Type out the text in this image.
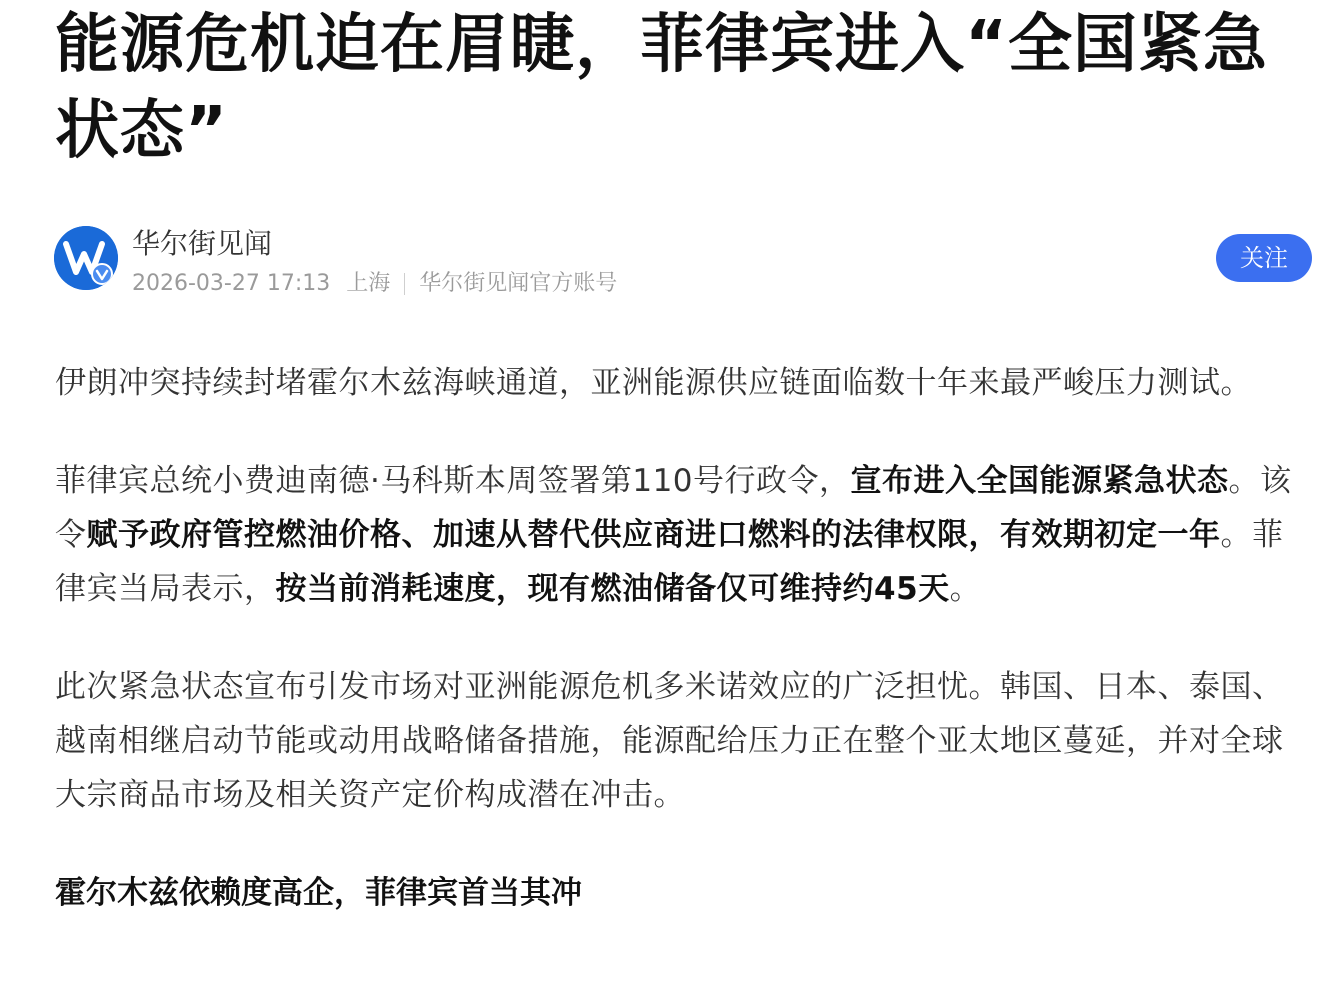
能源危机迫在眉睫，菲律宾进入“全国紧急状态”
华尔街见闻
2026-03-27 17:13 上海 华尔街见闻官方账号
关注

伊朗冲突持续封堵霍尔木兹海峡通道，亚洲能源供应链面临数十年来最严峻压力测试。

菲律宾总统小费迪南德·马科斯本周签署第110号行政令，宣布进入全国能源紧急状态。该令赋予政府管控燃油价格、加速从替代供应商进口燃料的法律权限，有效期初定一年。菲律宾当局表示，按当前消耗速度，现有燃油储备仅可维持约45天。

此次紧急状态宣布引发市场对亚洲能源危机多米诺效应的广泛担忧。韩国、日本、泰国、越南相继启动节能或动用战略储备措施，能源配给压力正在整个亚太地区蔓延，并对全球大宗商品市场及相关资产定价构成潜在冲击。

霍尔木兹依赖度高企，菲律宾首当其冲
